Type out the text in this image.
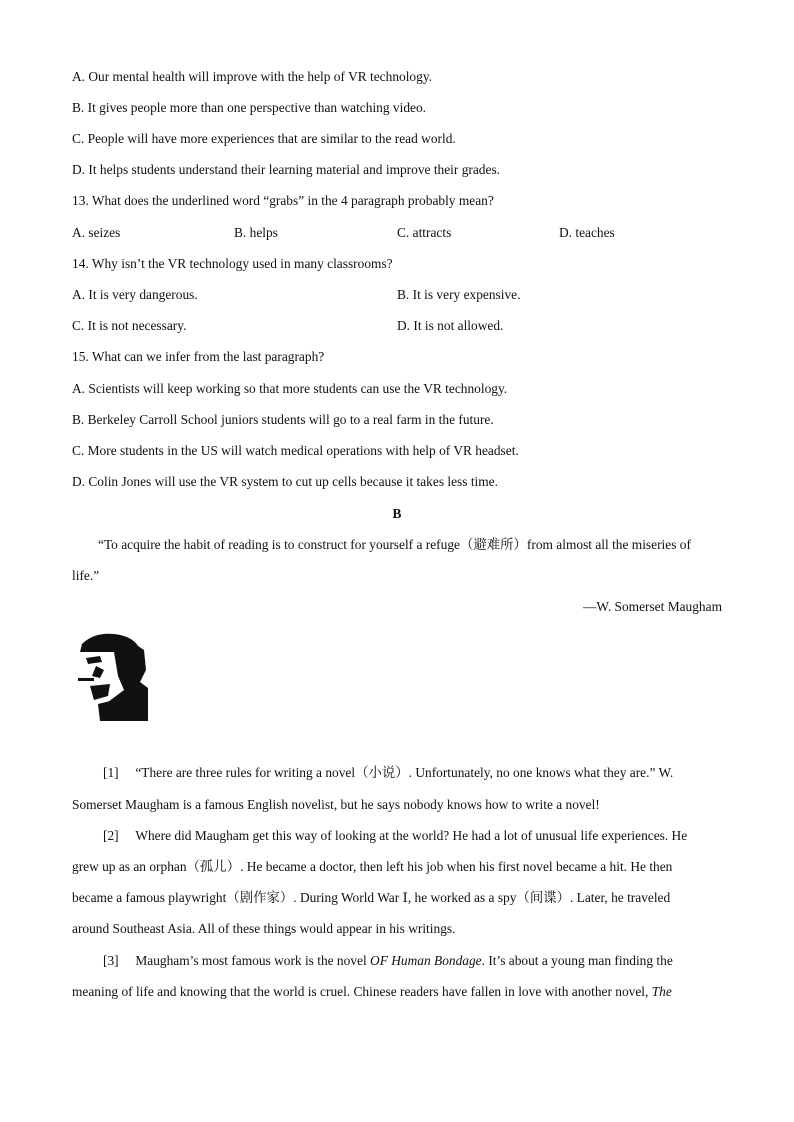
A. Our mental health will improve with the help of VR technology.
B. It gives people more than one perspective than watching video.
C. People will have more experiences that are similar to the read world.
D. It helps students understand their learning material and improve their grades.
13. What does the underlined word “grabs” in the 4 paragraph probably mean?
A. seizes	B. helps	C. attracts	D. teaches
14. Why isn’t the VR technology used in many classrooms?
A. It is very dangerous.	B. It is very expensive.
C. It is not necessary.	D. It is not allowed.
15. What can we infer from the last paragraph?
A. Scientists will keep working so that more students can use the VR technology.
B. Berkeley Carroll School juniors students will go to a real farm in the future.
C. More students in the US will watch medical operations with help of VR headset.
D. Colin Jones will use the VR system to cut up cells because it takes less time.
B
“To acquire the habit of reading is to construct for yourself a refuge（避难所）from almost all the miseries of
life.”
—W. Somerset Maugham
[1]     “There are three rules for writing a novel（小说）. Unfortunately, no one knows what they are.” W.
Somerset Maugham is a famous English novelist, but he says nobody knows how to write a novel!
[2]     Where did Maugham get this way of looking at the world? He had a lot of unusual life experiences. He
grew up as an orphan（孤儿）. He became a doctor, then left his job when his first novel became a hit. He then
became a famous playwright（剧作家）. During World War Ⅰ, he worked as a spy（间谍）. Later, he traveled
around Southeast Asia. All of these things would appear in his writings.
[3]     Maugham’s most famous work is the novel OF Human Bondage. It’s about a young man finding the
meaning of life and knowing that the world is cruel. Chinese readers have fallen in love with another novel, The
